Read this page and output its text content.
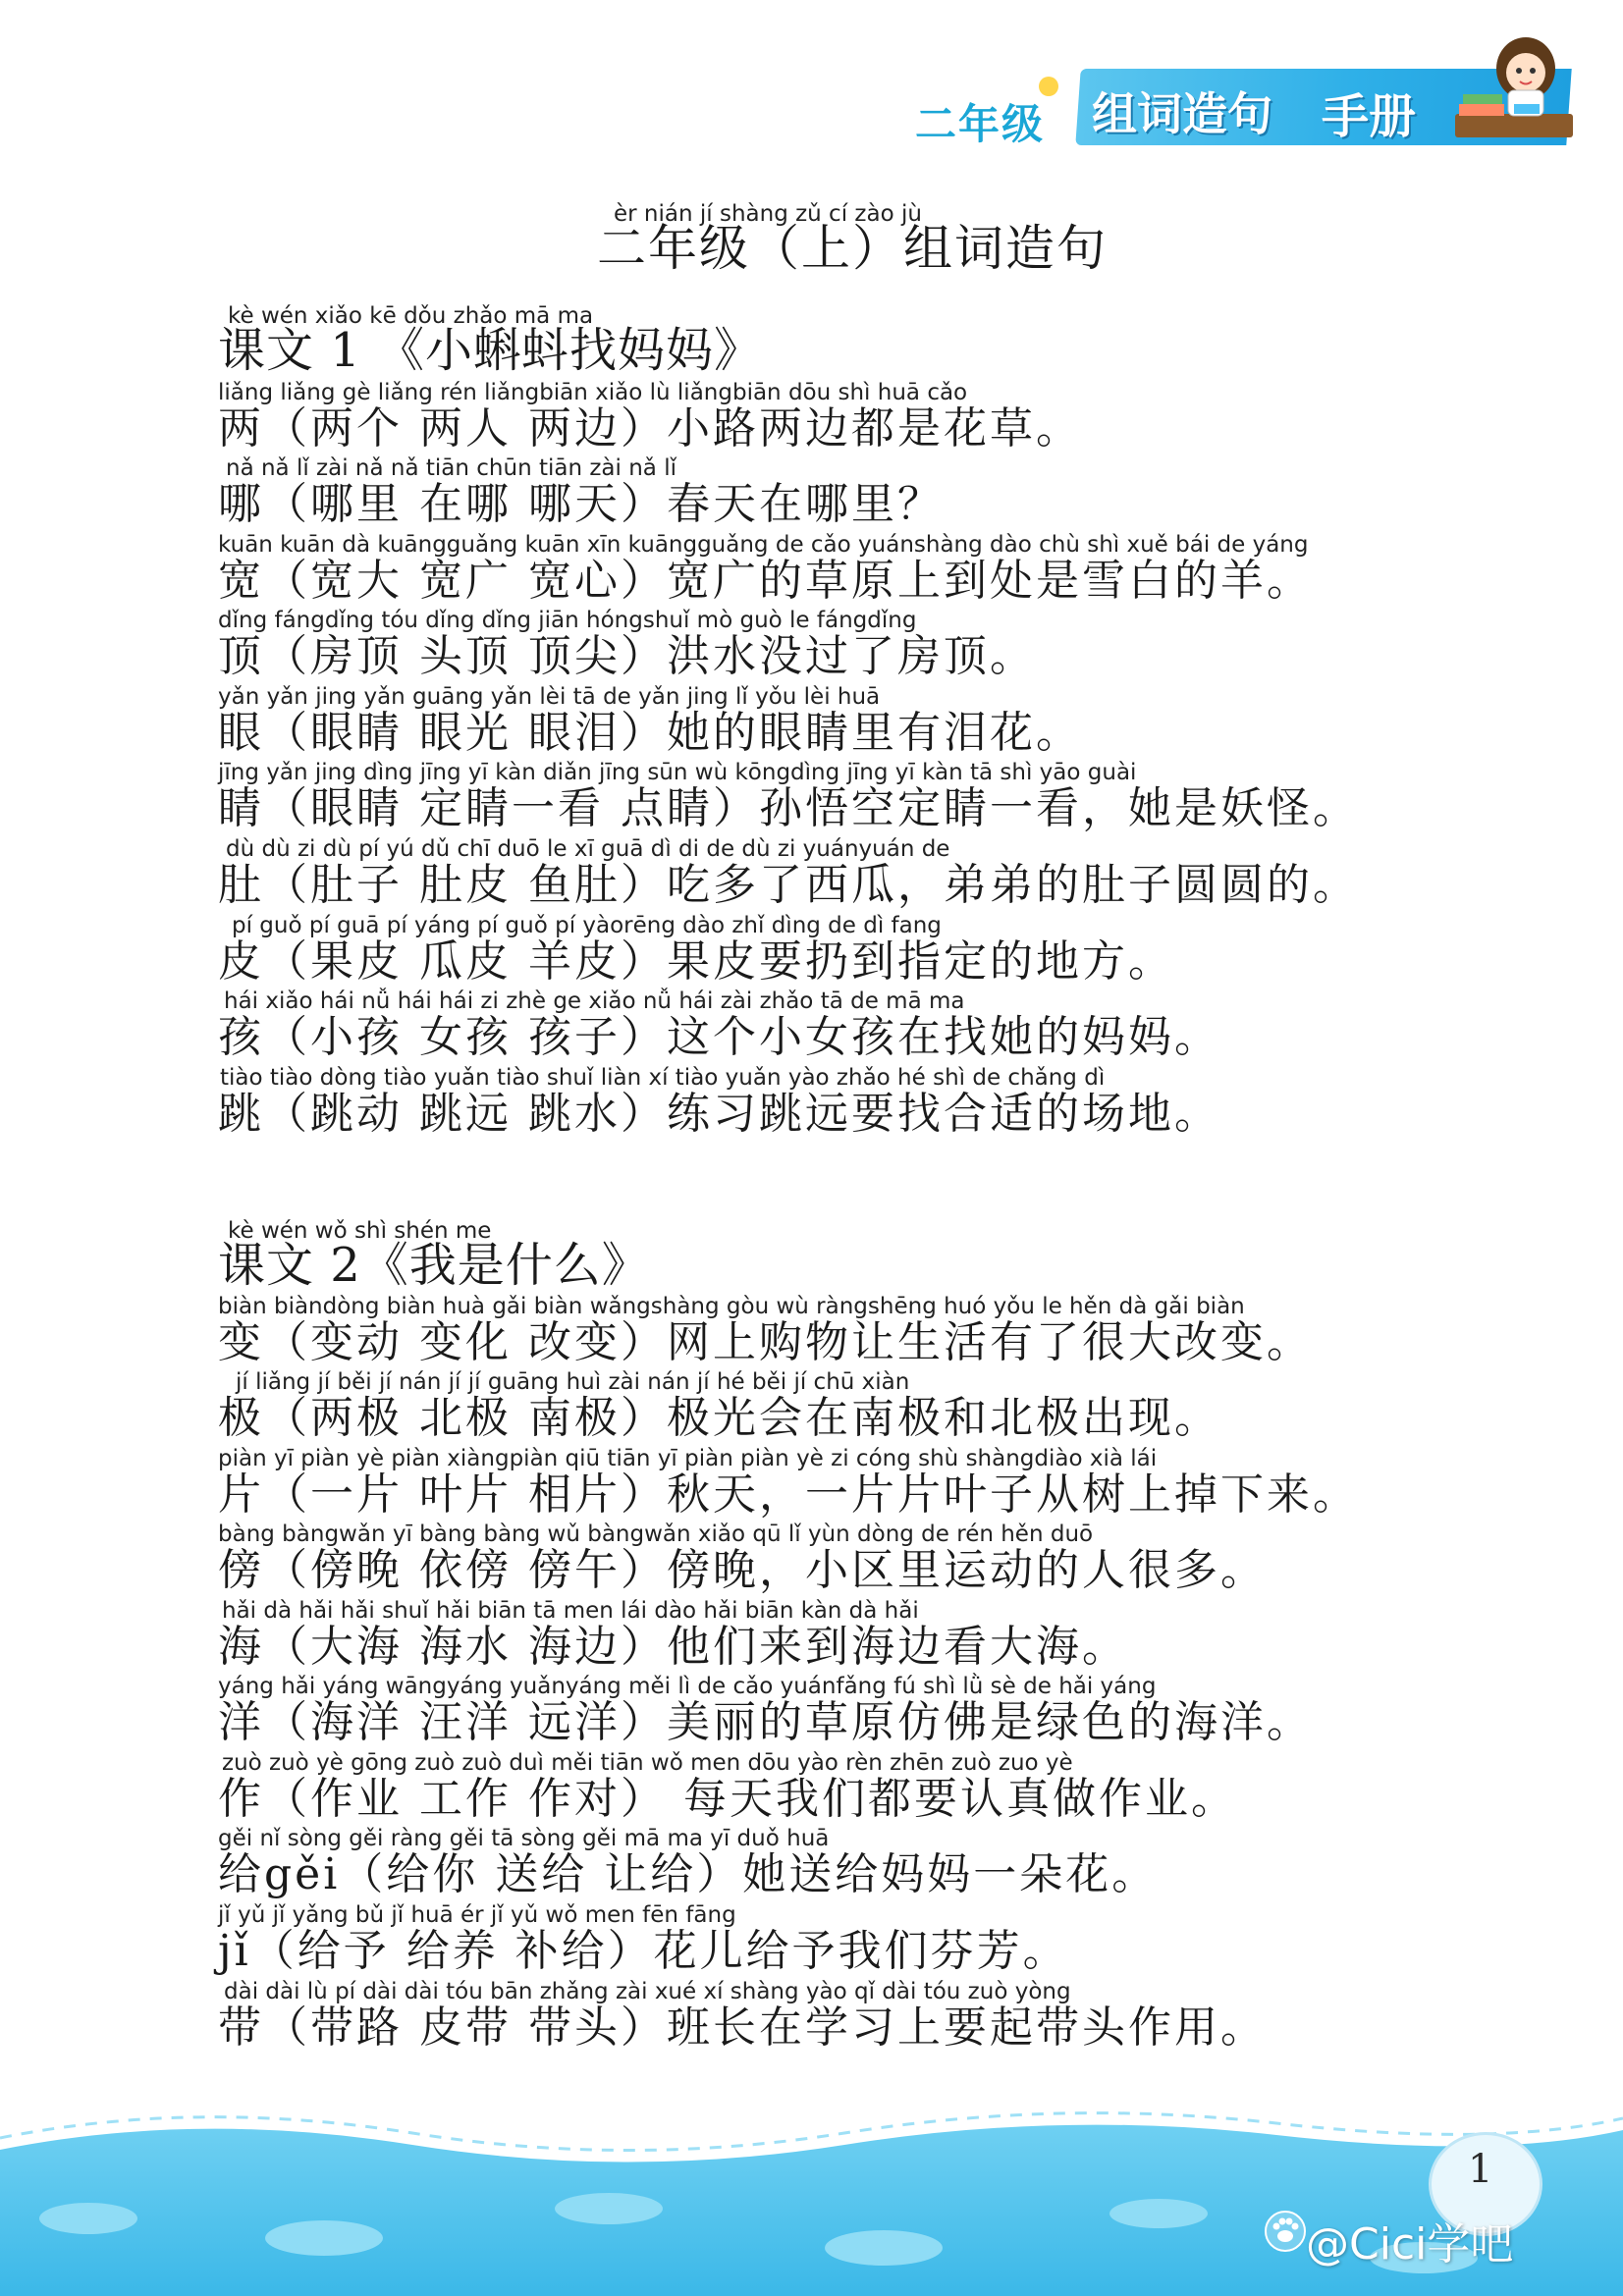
二年级 组词造句 手册
èr nián jí shàng zǔ cí zào jù
二年级（上）组词造句
kè wén xiǎo kē dǒu zhǎo mā ma
课文 1 《小蝌蚪找妈妈》
liǎng liǎng gè liǎng rén liǎngbiān xiǎo lù liǎngbiān dōu shì huā cǎo
两（两个 两人 两边）小路两边都是花草。
nǎ nǎ lǐ zài nǎ nǎ tiān chūn tiān zài nǎ lǐ
哪（哪里 在哪 哪天）春天在哪里？
kuān kuān dà kuāngguǎng kuān xīn kuāngguǎng de cǎo yuánshàng dào chù shì xuě bái de yáng
宽（宽大 宽广 宽心）宽广的草原上到处是雪白的羊。
dǐng fángdǐng tóu dǐng dǐng jiān hóngshuǐ mò guò le fángdǐng
顶（房顶 头顶 顶尖）洪水没过了房顶。
yǎn yǎn jing yǎn guāng yǎn lèi tā de yǎn jing lǐ yǒu lèi huā
眼（眼睛 眼光 眼泪）她的眼睛里有泪花。
jīng yǎn jing dìng jīng yī kàn diǎn jīng sūn wù kōngdìng jīng yī kàn tā shì yāo guài
睛（眼睛 定睛一看 点睛）孙悟空定睛一看，她是妖怪。
dù dù zi dù pí yú dǔ chī duō le xī guā dì di de dù zi yuányuán de
肚（肚子 肚皮 鱼肚）吃多了西瓜，弟弟的肚子圆圆的。
pí guǒ pí guā pí yáng pí guǒ pí yàorēng dào zhǐ dìng de dì fang
皮（果皮 瓜皮 羊皮）果皮要扔到指定的地方。
hái xiǎo hái nǚ hái hái zi zhè ge xiǎo nǚ hái zài zhǎo tā de mā ma
孩（小孩 女孩 孩子）这个小女孩在找她的妈妈。
tiào tiào dòng tiào yuǎn tiào shuǐ liàn xí tiào yuǎn yào zhǎo hé shì de chǎng dì
跳（跳动 跳远 跳水）练习跳远要找合适的场地。
kè wén wǒ shì shén me
课文 2《我是什么》
biàn biàndòng biàn huà gǎi biàn wǎngshàng gòu wù ràngshēng huó yǒu le hěn dà gǎi biàn
变（变动 变化 改变）网上购物让生活有了很大改变。
jí liǎng jí běi jí nán jí jí guāng huì zài nán jí hé běi jí chū xiàn
极（两极 北极 南极）极光会在南极和北极出现。
piàn yī piàn yè piàn xiàngpiàn qiū tiān yī piàn piàn yè zi cóng shù shàngdiào xià lái
片（一片 叶片 相片）秋天，一片片叶子从树上掉下来。
bàng bàngwǎn yī bàng bàng wǔ bàngwǎn xiǎo qū lǐ yùn dòng de rén hěn duō
傍（傍晚 依傍 傍午）傍晚，小区里运动的人很多。
hǎi dà hǎi hǎi shuǐ hǎi biān tā men lái dào hǎi biān kàn dà hǎi
海（大海 海水 海边）他们来到海边看大海。
yáng hǎi yáng wāngyáng yuǎnyáng měi lì de cǎo yuánfǎng fú shì lǜ sè de hǎi yáng
洋（海洋 汪洋 远洋）美丽的草原仿佛是绿色的海洋。
zuò zuò yè gōng zuò zuò duì měi tiān wǒ men dōu yào rèn zhēn zuò zuo yè
作（作业 工作 作对） 每天我们都要认真做作业。
gěi nǐ sòng gěi ràng gěi tā sòng gěi mā ma yī duǒ huā
给gěi（给你 送给 让给）她送给妈妈一朵花。
jǐ yǔ jǐ yǎng bǔ jǐ huā ér jǐ yǔ wǒ men fēn fāng
jǐ（给予 给养 补给）花儿给予我们芬芳。
dài dài lù pí dài dài tóu bān zhǎng zài xué xí shàng yào qǐ dài tóu zuò yòng
带（带路 皮带 带头）班长在学习上要起带头作用。
1
@Cici学吧
